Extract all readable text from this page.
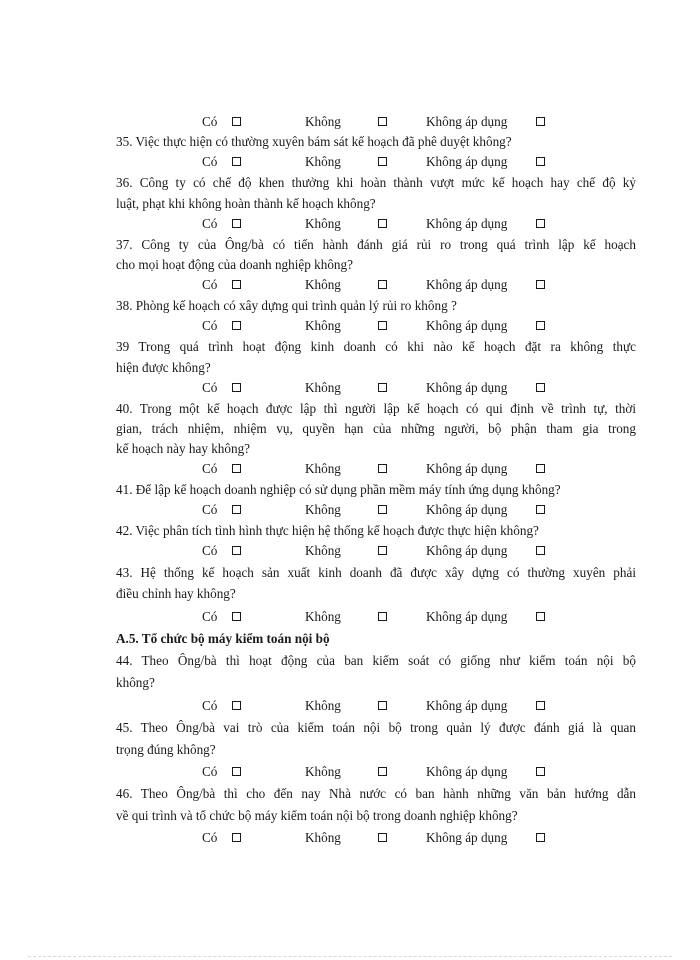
Có	Không	Không áp dụng
35. Việc thực hiện có thường xuyên bám sát kế hoạch đã phê duyệt không?
Có	Không	Không áp dụng
36. Công ty có chế độ khen thưởng khi hoàn thành vượt mức kế hoạch hay chế độ kỷ
luật, phạt khi không hoàn thành kế hoạch không?
Có	Không	Không áp dụng
37. Công ty của Ông/bà có tiến hành đánh giá rủi ro trong quá trình lập kế hoạch
cho mọi hoạt động của doanh nghiệp không?
Có	Không	Không áp dụng
38. Phòng kế hoạch có xây dựng qui trình quản lý rủi ro không ?
Có	Không	Không áp dụng
39 Trong quá trình hoạt động kinh doanh có khi nào kế hoạch đặt ra không thực
hiện được không?
Có	Không	Không áp dụng
40. Trong một kế hoạch được lập thì người lập kế hoạch có qui định về trình tự, thời
gian, trách nhiệm, nhiệm vụ, quyền hạn của những người, bộ phận tham gia trong
kế hoạch này hay không?
Có	Không	Không áp dụng
41. Để lập kế hoạch doanh nghiệp có sử dụng phần mềm máy tính ứng dụng không?
Có	Không	Không áp dụng
42. Việc phân tích tình hình thực hiện hệ thống kế hoạch được thực hiện không?
Có	Không	Không áp dụng
43. Hệ thống kế hoạch sản xuất kinh doanh đã được xây dựng có thường xuyên phải
điều chỉnh hay không?
Có	Không	Không áp dụng
A.5. Tổ chức bộ máy kiểm toán nội bộ
44. Theo Ông/bà thì hoạt động của ban kiểm soát có giống như kiểm toán nội bộ
không?
Có	Không	Không áp dụng
45. Theo Ông/bà vai trò của kiểm toán nội bộ trong quản lý được đánh giá là quan
trọng đúng không?
Có	Không	Không áp dụng
46. Theo Ông/bà thì cho đến nay Nhà nước có ban hành những văn bản hướng dẫn
về qui trình và tổ chức bộ máy kiểm toán nội bộ trong doanh nghiệp không?
Có	Không	Không áp dụng
